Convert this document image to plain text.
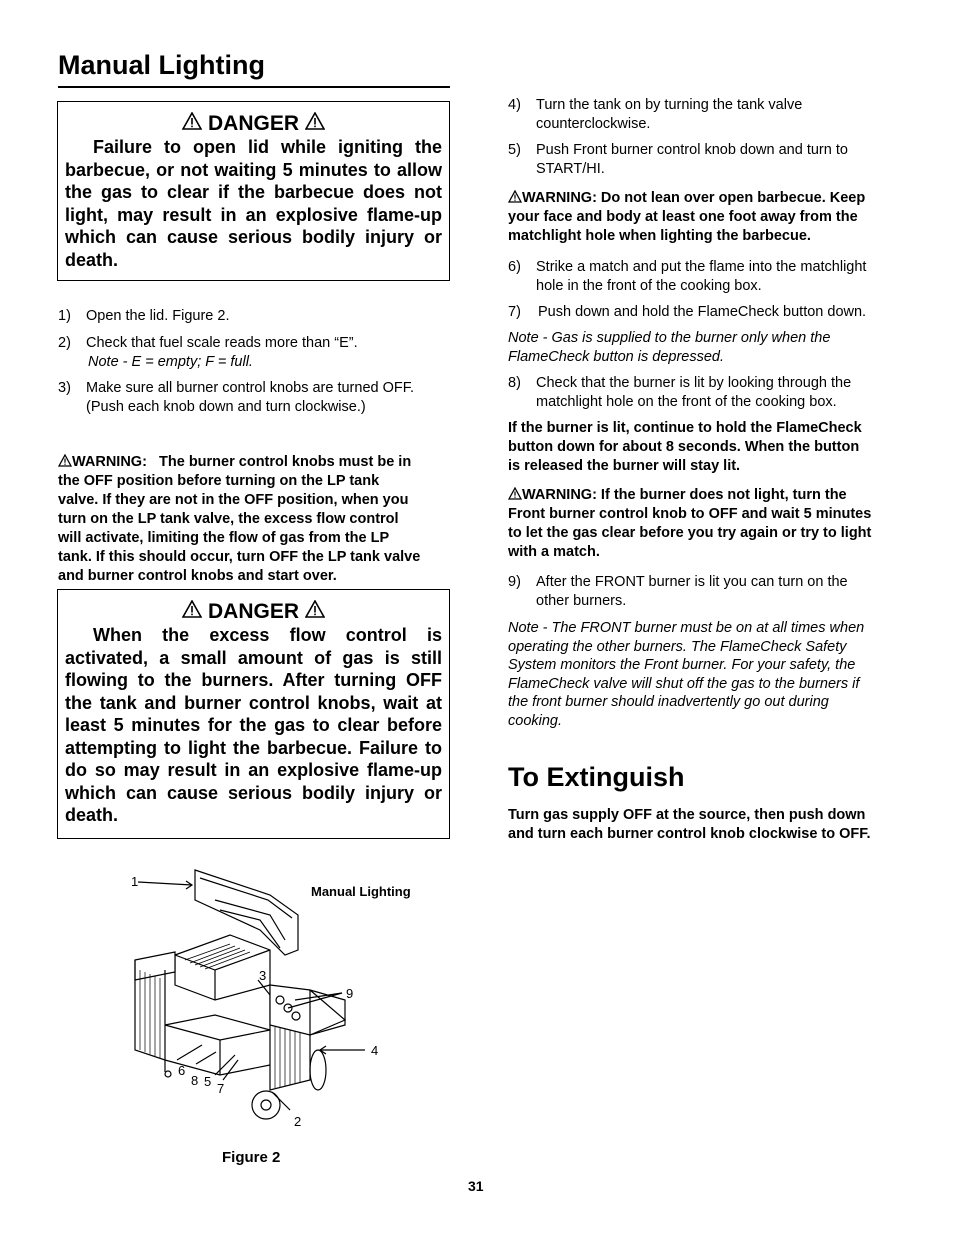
Manual Lighting
DANGER

Failure to open lid while igniting the barbecue, or not waiting 5 minutes to allow the gas to clear if the barbecue does not light, may result in an explosive flame-up which can cause serious bodily injury or death.

1) Open the lid. Figure 2.
2) Check that fuel scale reads more than “E”.
Note - E = empty; F = full.
3) Make sure all burner control knobs are turned OFF.
(Push each knob down and turn clockwise.)
WARNING: The burner control knobs must be in
the OFF position before turning on the LP tank
valve. If they are not in the OFF position, when you
turn on the LP tank valve, the excess flow control
will activate, limiting the flow of gas from the LP
tank. If this should occur, turn OFF the LP tank valve
and burner control knobs and start over.
DANGER

When the excess flow control is activated, a small amount of gas is still flowing to the burners. After turning OFF the tank and burner control knobs, wait at least 5 minutes for the gas to clear before attempting to light the barbecue. Failure to do so may result in an explosive flame-up which can cause serious bodily injury or death.

1
3
9
4
6
8 5 7
2
Manual Lighting
Figure 2
4) Turn the tank on by turning the tank valve
counterclockwise.
5) Push Front burner control knob down and turn to
START/HI.
WARNING: Do not lean over open barbecue. Keep
your face and body at least one foot away from the
matchlight hole when lighting the barbecue.
6) Strike a match and put the flame into the matchlight
hole in the front of the cooking box.
7) Push down and hold the FlameCheck button down.
Note - Gas is supplied to the burner only when the
FlameCheck button is depressed.
8) Check that the burner is lit by looking through the
matchlight hole on the front of the cooking box.
If the burner is lit, continue to hold the FlameCheck
button down for about 8 seconds. When the button
is released the burner will stay lit.
WARNING: If the burner does not light, turn the
Front burner control knob to OFF and wait 5 minutes
to let the gas clear before you try again or try to light
with a match.
9) After the FRONT burner is lit you can turn on the
other burners.
Note - The FRONT burner must be on at all times when
operating the other burners. The FlameCheck Safety
System monitors the Front burner. For your safety, the
FlameCheck valve will shut off the gas to the burners if
the front burner should inadvertently go out during
cooking.
To Extinguish
Turn gas supply OFF at the source, then push down
and turn each burner control knob clockwise to OFF.
31
